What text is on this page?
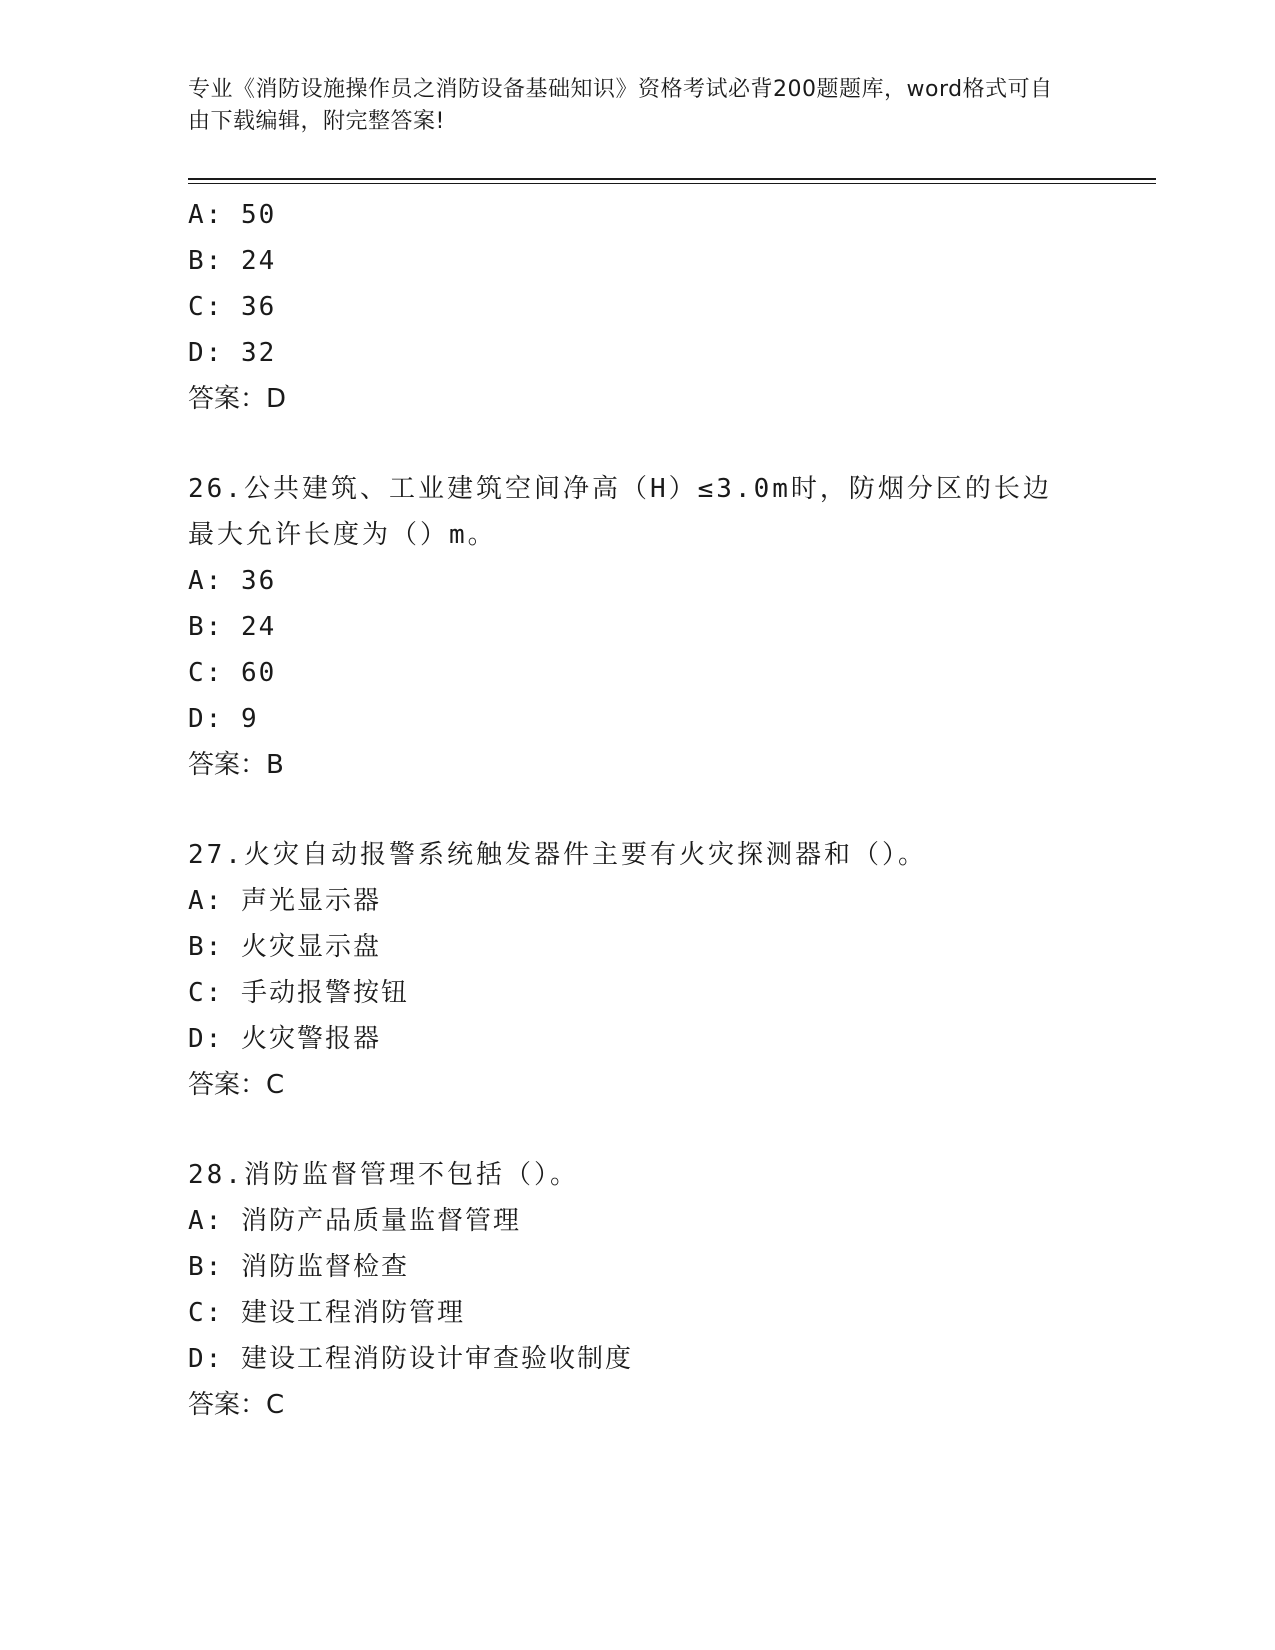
专业《消防设施操作员之消防设备基础知识》资格考试必背200题题库，word格式可自由下载编辑，附完整答案!
A: 50
B: 24
C: 36
D: 32
答案：D
26.公共建筑、工业建筑空间净高（H）≤3.0m时，防烟分区的长边最大允许长度为（）m。
A: 36
B: 24
C: 60
D: 9
答案：B
27.火灾自动报警系统触发器件主要有火灾探测器和（）。
A: 声光显示器
B: 火灾显示盘
C: 手动报警按钮
D: 火灾警报器
答案：C
28.消防监督管理不包括（）。
A: 消防产品质量监督管理
B: 消防监督检查
C: 建设工程消防管理
D: 建设工程消防设计审查验收制度
答案：C
